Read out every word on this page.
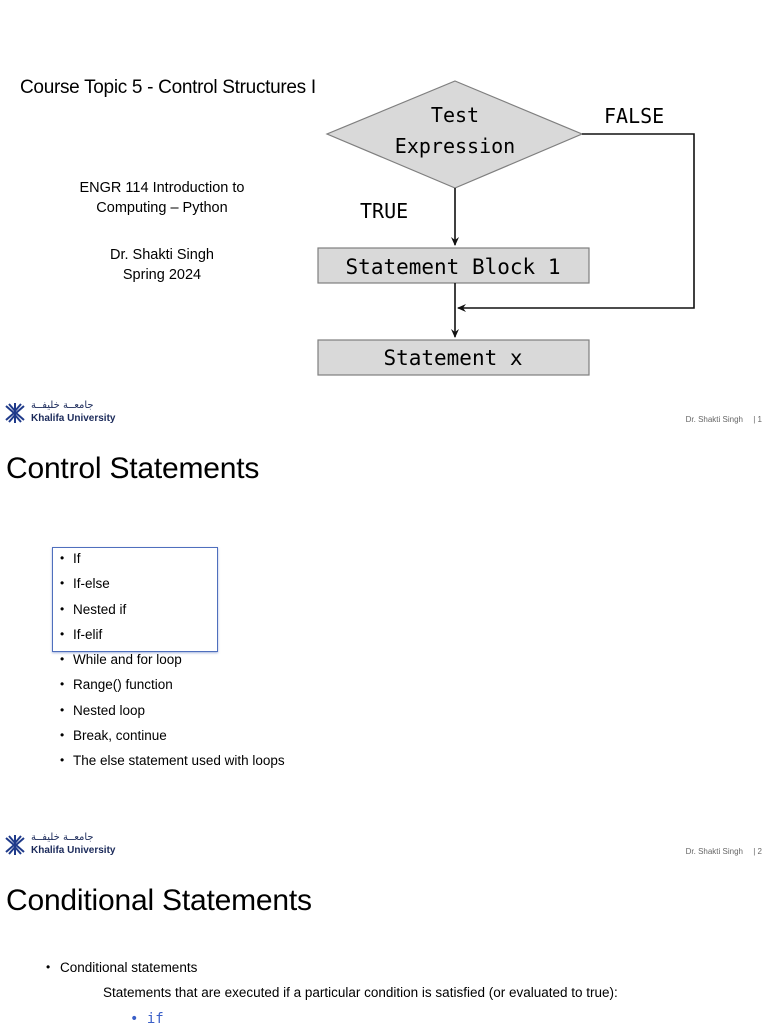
Course Topic 5 - Control Structures I
ENGR 114 Introduction to
Computing – Python
Dr. Shakti Singh
Spring 2024
Test
Expression
FALSE
TRUE
Statement Block 1
Statement x
جامعــة خليفــة
Khalifa University	Dr. Shakti Singh | 1
Control Statements
• If
• If-else
• Nested if
• If-elif
• While and for loop
• Range() function
• Nested loop
• Break, continue
• The else statement used with loops
جامعــة خليفــة
Khalifa University	Dr. Shakti Singh | 2
Conditional Statements
• Conditional statements
Statements that are executed if a particular condition is satisfied (or evaluated to true):
• if
